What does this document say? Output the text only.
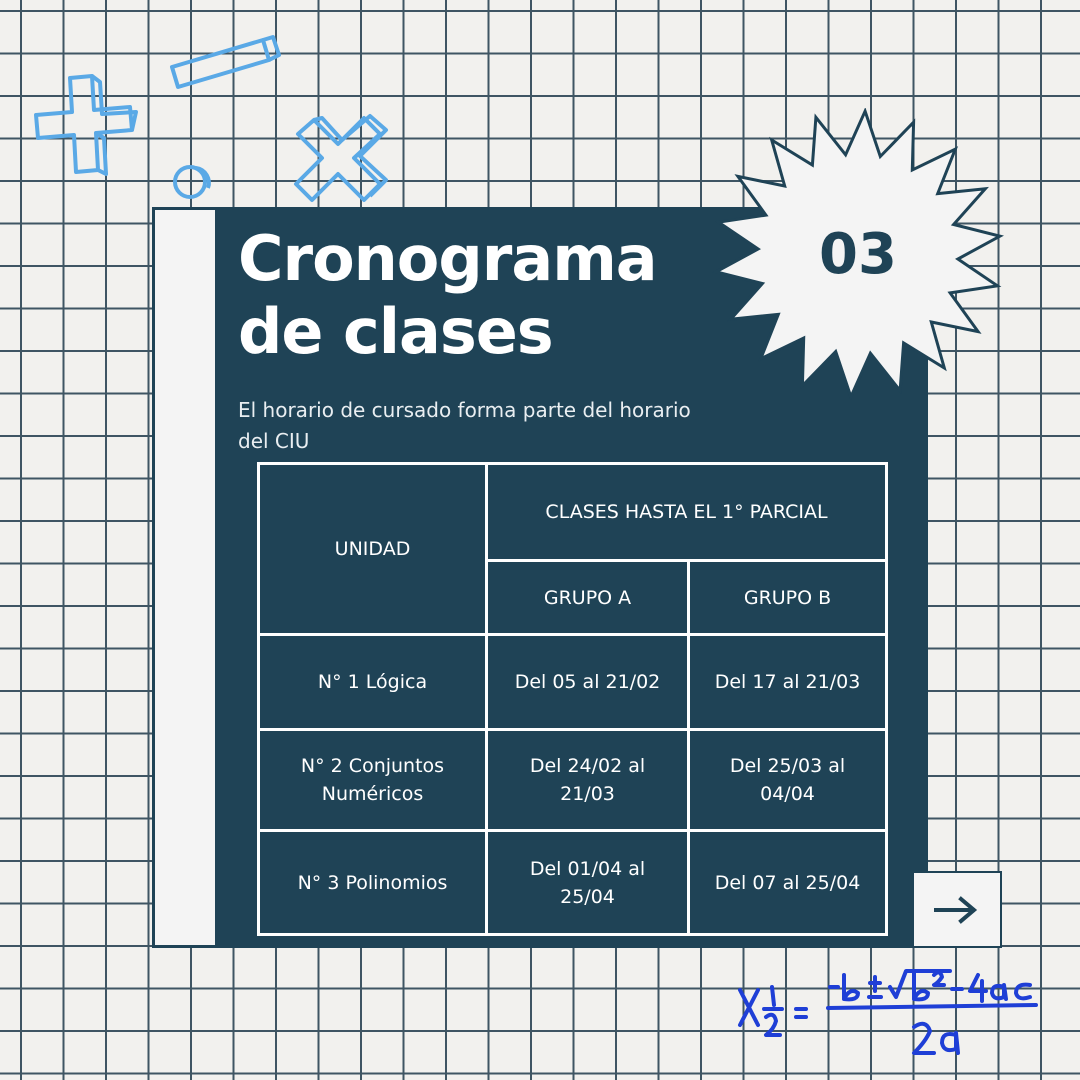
Cronograma
de clases

El horario de cursado forma parte del horario del CIU

03
UNIDAD	CLASES HASTA EL 1° PARCIAL	
	GRUPO A	GRUPO B
N° 1 Lógica	Del 05 al 21/02	Del 17 al 21/03
N° 2 Conjuntos Numéricos	Del 24/02 al 21/03	Del 25/03 al 04/04
N° 3 Polinomios	Del 01/04 al 25/04	Del 07 al 25/04
